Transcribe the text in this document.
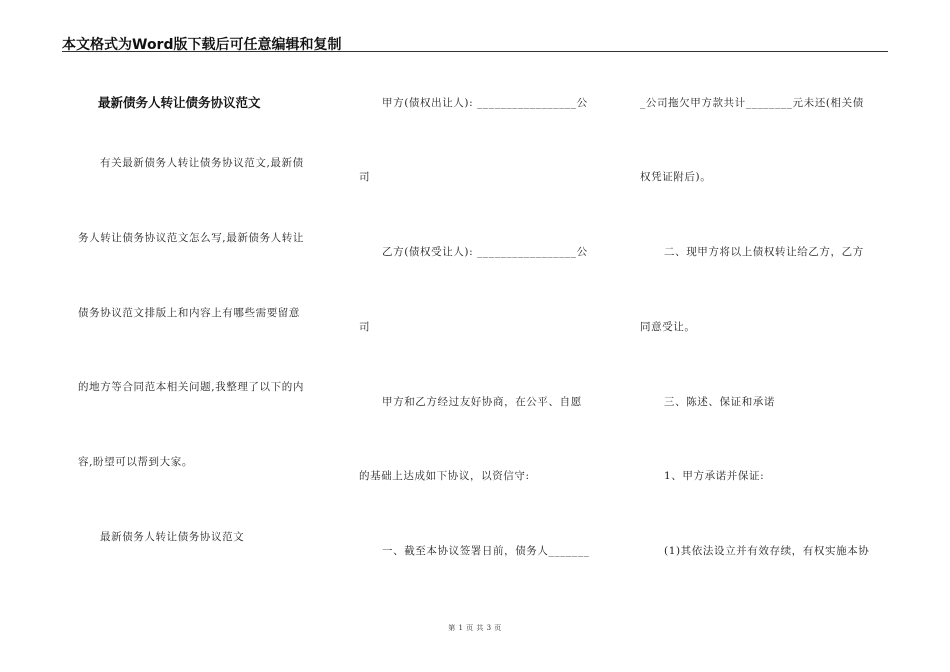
本文格式为Word版下载后可任意编辑和复制
最新债务人转让债务协议范文
有关最新债务人转让债务协议范文,最新债
务人转让债务协议范文怎么写,最新债务人转让
债务协议范文排版上和内容上有哪些需要留意
的地方等合同范本相关问题,我整理了以下的内
容,盼望可以帮到大家。
最新债务人转让债务协议范文
甲方(债权出让人): _________________公
司
乙方(债权受让人): _________________公
司
甲方和乙方经过友好协商，在公平、自愿
的基础上达成如下协议，以资信守:
一、截至本协议签署日前，债务人_______
_公司拖欠甲方款共计________元未还(相关债
权凭证附后)。
二、现甲方将以上债权转让给乙方，乙方
同意受让。
三、陈述、保证和承诺
1、甲方承诺并保证:
(1)其依法设立并有效存续，有权实施本协
第 1 页 共 3 页
